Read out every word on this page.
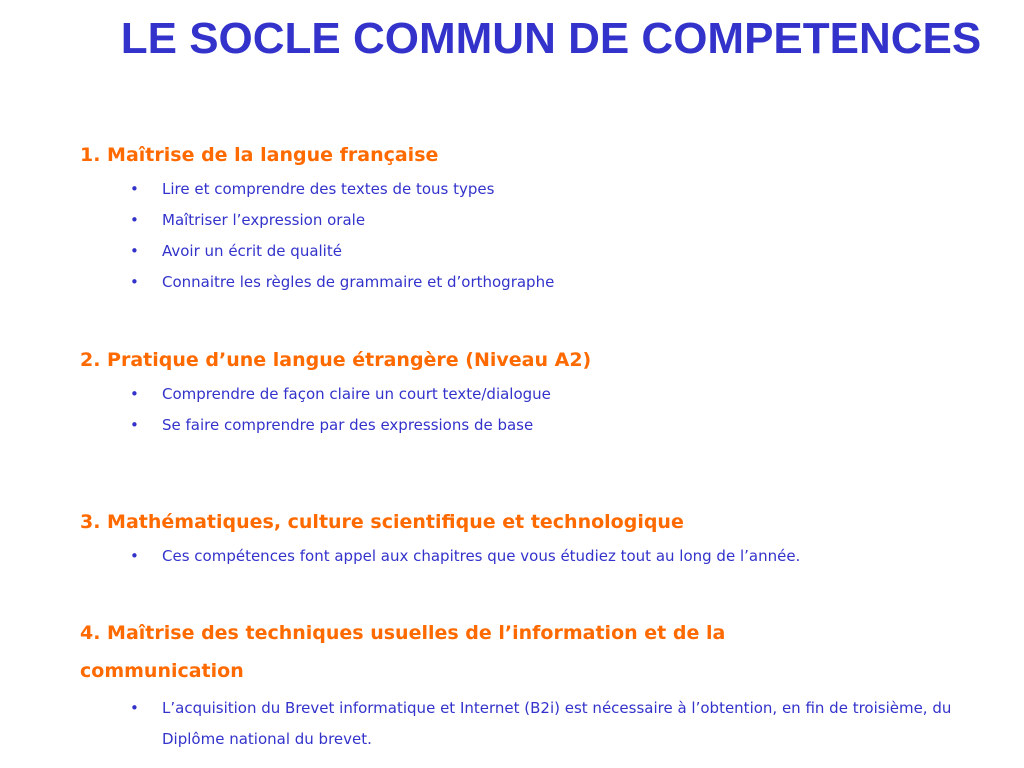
LE SOCLE COMMUN DE COMPETENCES
1. Maîtrise de la langue française
• Lire et comprendre des textes de tous types
• Maîtriser l’expression orale
• Avoir un écrit de qualité
• Connaitre les règles de grammaire et d’orthographe
2. Pratique d’une langue étrangère (Niveau A2)
• Comprendre de façon claire un court texte/dialogue
• Se faire comprendre par des expressions de base
3. Mathématiques, culture scientifique et technologique
• Ces compétences font appel aux chapitres que vous étudiez tout au long de l’année.
4. Maîtrise des techniques usuelles de l’information et de la communication
• L’acquisition du Brevet informatique et Internet (B2i) est nécessaire à l’obtention, en fin de troisième, du Diplôme national du brevet.
